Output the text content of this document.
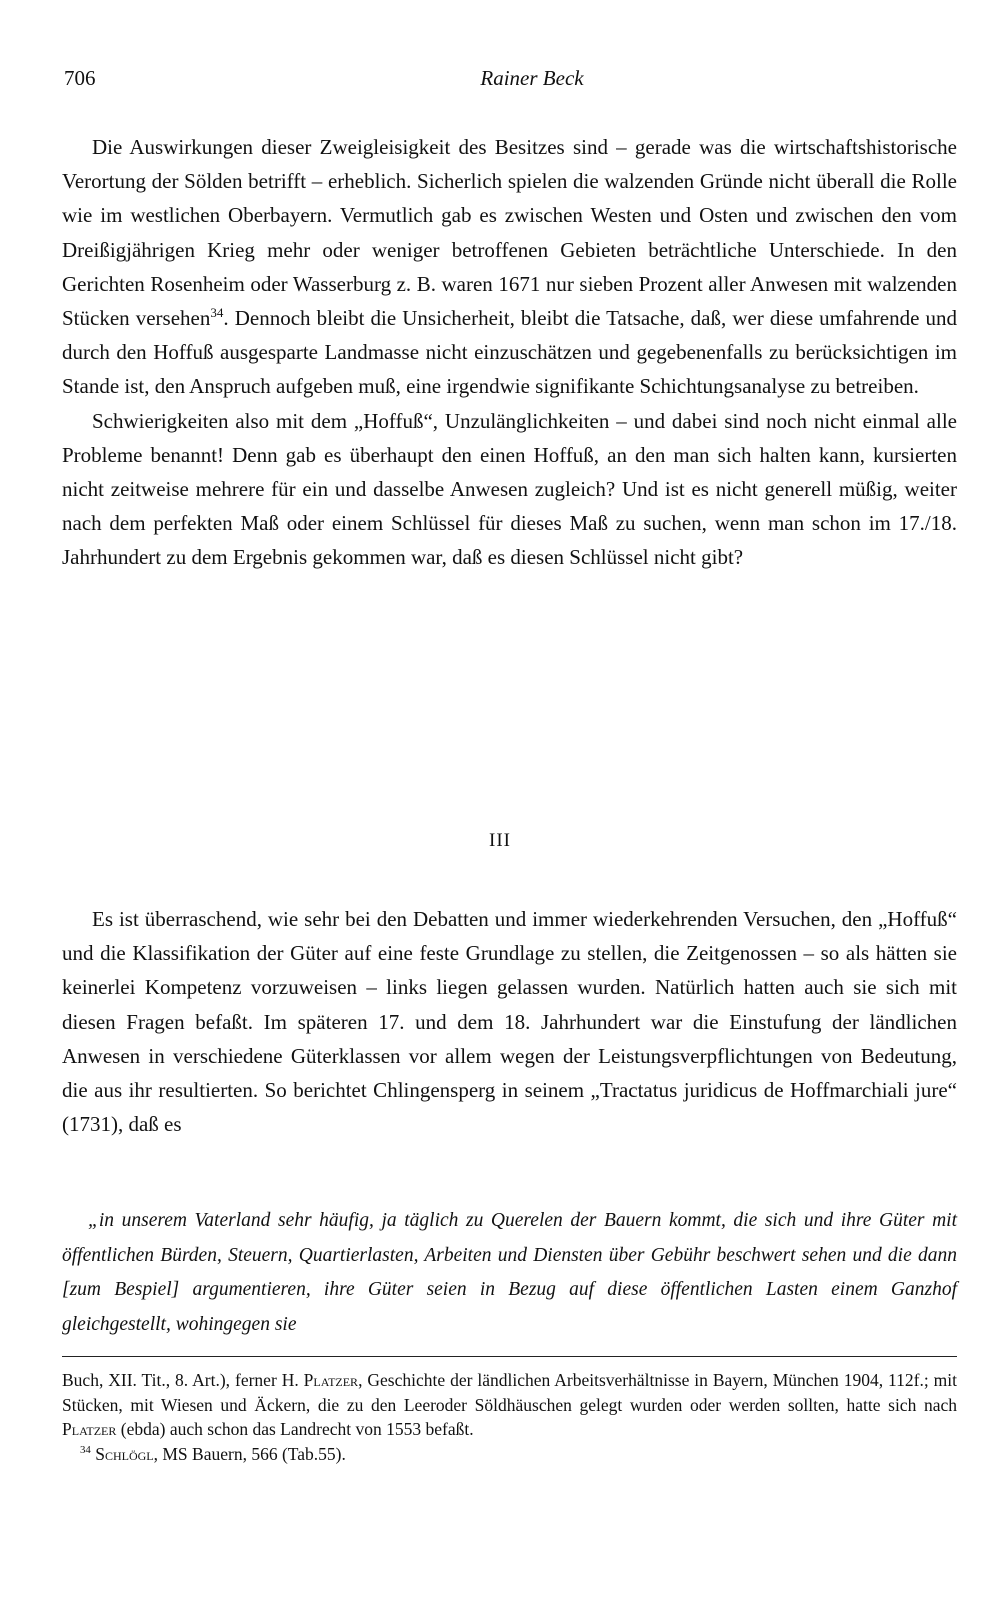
706	Rainer Beck

Die Auswirkungen dieser Zweigleisigkeit des Besitzes sind – gerade was die wirtschaftshistorische Verortung der Sölden betrifft – erheblich. Sicherlich spielen die walzenden Gründe nicht überall die Rolle wie im westlichen Oberbayern. Vermutlich gab es zwischen Westen und Osten und zwischen den vom Dreißigjährigen Krieg mehr oder weniger betroffenen Gebieten beträchtliche Unterschiede. In den Gerichten Rosenheim oder Wasserburg z. B. waren 1671 nur sieben Prozent aller Anwesen mit walzenden Stücken versehen$^{34}$. Dennoch bleibt die Unsicherheit, bleibt die Tatsache, daß, wer diese umfahrende und durch den Hoffuß ausgesparte Landmasse nicht einzuschätzen und gegebenenfalls zu berücksichtigen im Stande ist, den Anspruch aufgeben muß, eine irgendwie signifikante Schichtungsanalyse zu betreiben.

Schwierigkeiten also mit dem „Hoffuß“, Unzulänglichkeiten – und dabei sind noch nicht einmal alle Probleme benannt! Denn gab es überhaupt den einen Hoffuß, an den man sich halten kann, kursierten nicht zeitweise mehrere für ein und dasselbe Anwesen zugleich? Und ist es nicht generell müßig, weiter nach dem perfekten Maß oder einem Schlüssel für dieses Maß zu suchen, wenn man schon im 17./18. Jahrhundert zu dem Ergebnis gekommen war, daß es diesen Schlüssel nicht gibt?

III

Es ist überraschend, wie sehr bei den Debatten und immer wiederkehrenden Versuchen, den „Hoffuß“ und die Klassifikation der Güter auf eine feste Grundlage zu stellen, die Zeitgenossen – so als hätten sie keinerlei Kompetenz vorzuweisen – links liegen gelassen wurden. Natürlich hatten auch sie sich mit diesen Fragen befaßt. Im späteren 17. und dem 18. Jahrhundert war die Einstufung der ländlichen Anwesen in verschiedene Güterklassen vor allem wegen der Leistungsverpflichtungen von Bedeutung, die aus ihr resultierten. So berichtet Chlingensperg in seinem „Tractatus juridicus de Hoffmarchiali jure“ (1731), daß es

„in unserem Vaterland sehr häufig, ja täglich zu Querelen der Bauern kommt, die sich und ihre Güter mit öffentlichen Bürden, Steuern, Quartierlasten, Arbeiten und Diensten über Gebühr beschwert sehen und die dann [zum Bespiel] argumentieren, ihre Güter seien in Bezug auf diese öffentlichen Lasten einem Ganzhof gleichgestellt, wohingegen sie

Buch, XII. Tit., 8. Art.), ferner H. Platzer, Geschichte der ländlichen Arbeitsverhältnisse in Bayern, München 1904, 112f.; mit Stücken, mit Wiesen und Äckern, die zu den Leeroder Söldhäuschen gelegt wurden oder werden sollten, hatte sich nach Platzer (ebda) auch schon das Landrecht von 1553 befaßt.

$^{34}$ Schlögl, MS Bauern, 566 (Tab.55).
